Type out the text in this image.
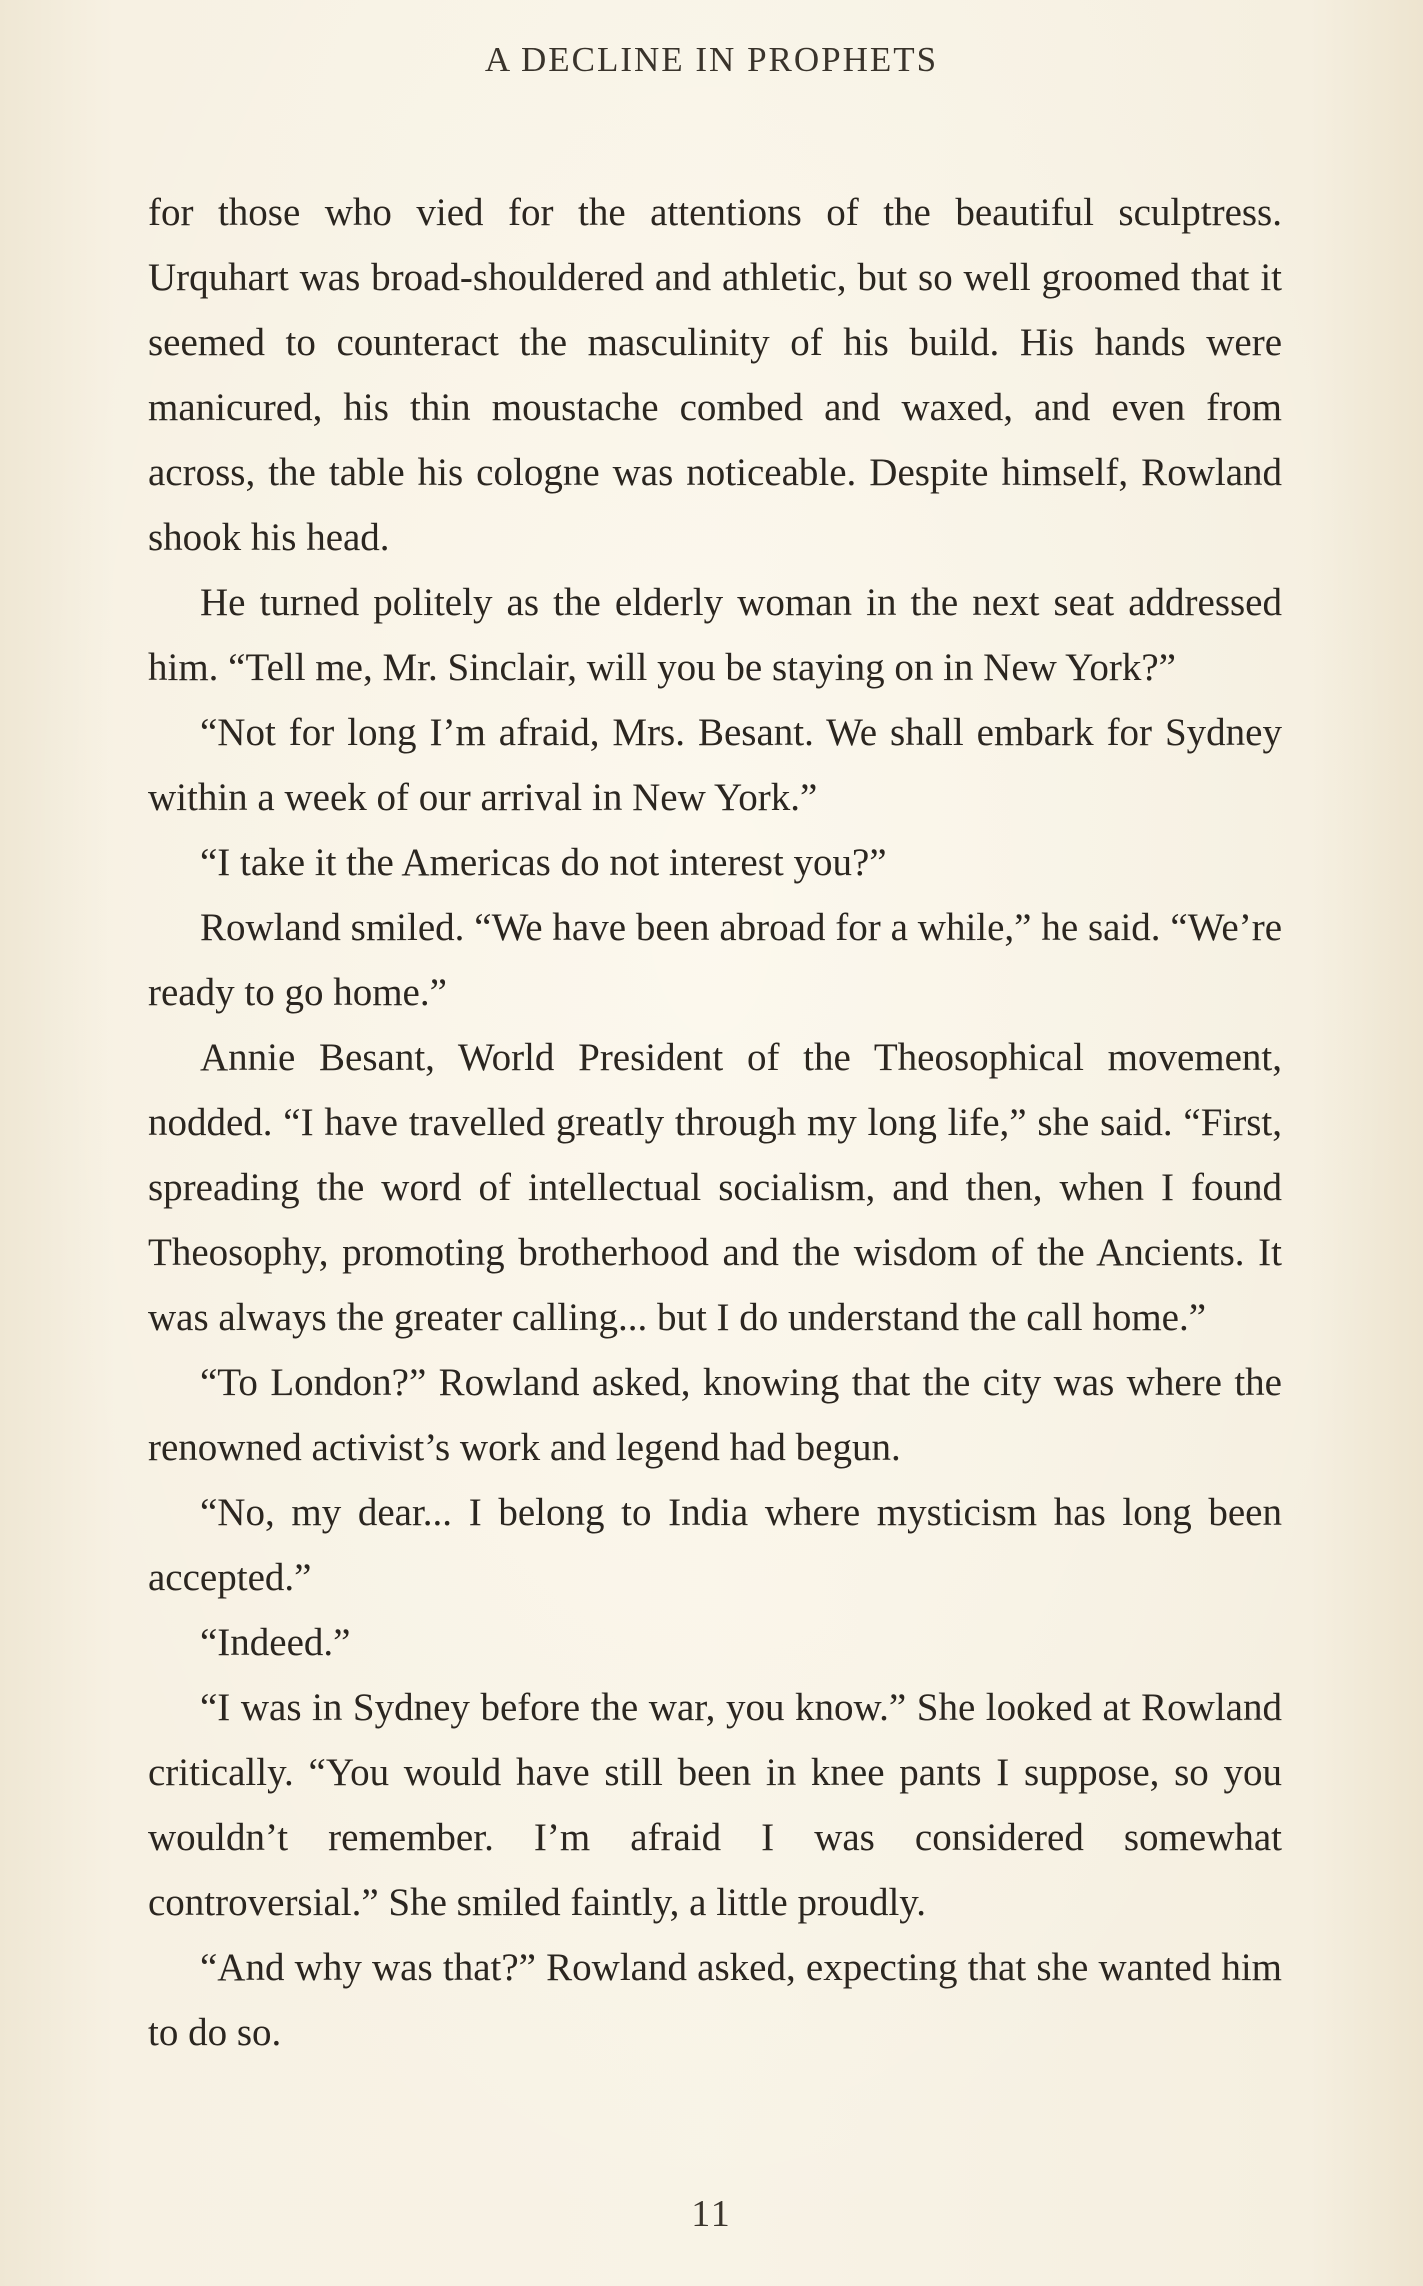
A DECLINE IN PROPHETS

for those who vied for the attentions of the beautiful sculptress. Urquhart was broad-shouldered and athletic, but so well groomed that it seemed to counteract the masculinity of his build. His hands were manicured, his thin moustache combed and waxed, and even from across, the table his cologne was noticeable. Despite himself, Rowland shook his head.

He turned politely as the elderly woman in the next seat addressed him. “Tell me, Mr. Sinclair, will you be staying on in New York?”

“Not for long I’m afraid, Mrs. Besant. We shall embark for Sydney within a week of our arrival in New York.”

“I take it the Americas do not interest you?”

Rowland smiled. “We have been abroad for a while,” he said. “We’re ready to go home.”

Annie Besant, World President of the Theosophical movement, nodded. “I have travelled greatly through my long life,” she said. “First, spreading the word of intellectual socialism, and then, when I found Theosophy, promoting brotherhood and the wisdom of the Ancients. It was always the greater calling... but I do understand the call home.”

“To London?” Rowland asked, knowing that the city was where the renowned activist’s work and legend had begun.

“No, my dear... I belong to India where mysticism has long been accepted.”

“Indeed.”

“I was in Sydney before the war, you know.” She looked at Rowland critically. “You would have still been in knee pants I suppose, so you wouldn’t remember. I’m afraid I was considered somewhat controversial.” She smiled faintly, a little proudly.

“And why was that?” Rowland asked, expecting that she wanted him to do so.

11
